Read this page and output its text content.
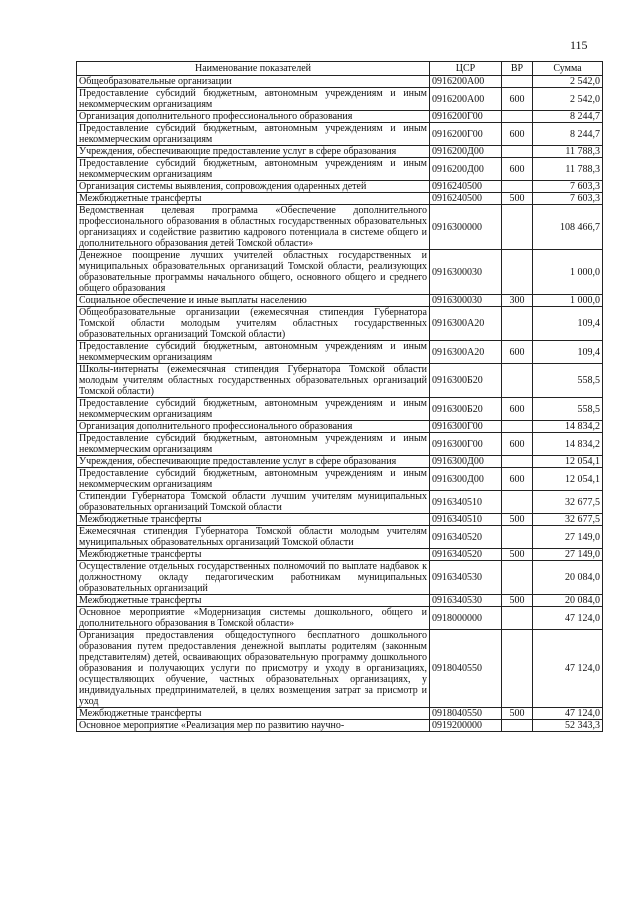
115
Наименование показателей	ЦСР	ВР	Сумма
Общеобразовательные организации	0916200А00		2 542,0
Предоставление субсидий бюджетным, автономным учреждениям и иным некоммерческим организациям	0916200А00	600	2 542,0
Организация дополнительного профессионального образования	0916200Г00		8 244,7
Предоставление субсидий бюджетным, автономным учреждениям и иным некоммерческим организациям	0916200Г00	600	8 244,7
Учреждения, обеспечивающие предоставление услуг в сфере образования	0916200Д00		11 788,3
Предоставление субсидий бюджетным, автономным учреждениям и иным некоммерческим организациям	0916200Д00	600	11 788,3
Организация системы выявления, сопровождения одаренных детей	0916240500		7 603,3
Межбюджетные трансферты	0916240500	500	7 603,3
Ведомственная целевая программа «Обеспечение дополнительного профессионального образования в областных государственных образовательных организациях и содействие развитию кадрового потенциала в системе общего и дополнительного образования детей Томской области»	0916300000		108 466,7
Денежное поощрение лучших учителей областных государственных и муниципальных образовательных организаций Томской области, реализующих образовательные программы начального общего, основного общего и среднего общего образования	0916300030		1 000,0
Социальное обеспечение и иные выплаты населению	0916300030	300	1 000,0
Общеобразовательные организации (ежемесячная стипендия Губернатора Томской области молодым учителям областных государственных образовательных организаций Томской области)	0916300А20		109,4
Предоставление субсидий бюджетным, автономным учреждениям и иным некоммерческим организациям	0916300А20	600	109,4
Школы-интернаты (ежемесячная стипендия Губернатора Томской области молодым учителям областных государственных образовательных организаций Томской области)	0916300Б20		558,5
Предоставление субсидий бюджетным, автономным учреждениям и иным некоммерческим организациям	0916300Б20	600	558,5
Организация дополнительного профессионального образования	0916300Г00		14 834,2
Предоставление субсидий бюджетным, автономным учреждениям и иным некоммерческим организациям	0916300Г00	600	14 834,2
Учреждения, обеспечивающие предоставление услуг в сфере образования	0916300Д00		12 054,1
Предоставление субсидий бюджетным, автономным учреждениям и иным некоммерческим организациям	0916300Д00	600	12 054,1
Стипендии Губернатора Томской области лучшим учителям муниципальных образовательных организаций Томской области	0916340510		32 677,5
Межбюджетные трансферты	0916340510	500	32 677,5
Ежемесячная стипендия Губернатора Томской области молодым учителям муниципальных образовательных организаций Томской области	0916340520		27 149,0
Межбюджетные трансферты	0916340520	500	27 149,0
Осуществление отдельных государственных полномочий по выплате надбавок к должностному окладу педагогическим работникам муниципальных образовательных организаций	0916340530		20 084,0
Межбюджетные трансферты	0916340530	500	20 084,0
Основное мероприятие «Модернизация системы дошкольного, общего и дополнительного образования в Томской области»	0918000000		47 124,0
Организация предоставления общедоступного бесплатного дошкольного образования путем предоставления денежной выплаты родителям (законным представителям) детей, осваивающих образовательную программу дошкольного образования и получающих услуги по присмотру и уходу в организациях, осуществляющих обучение, частных образовательных организациях, у индивидуальных предпринимателей, в целях возмещения затрат за присмотр и уход	0918040550		47 124,0
Межбюджетные трансферты	0918040550	500	47 124,0
Основное мероприятие «Реализация мер по развитию научно-	0919200000		52 343,3
